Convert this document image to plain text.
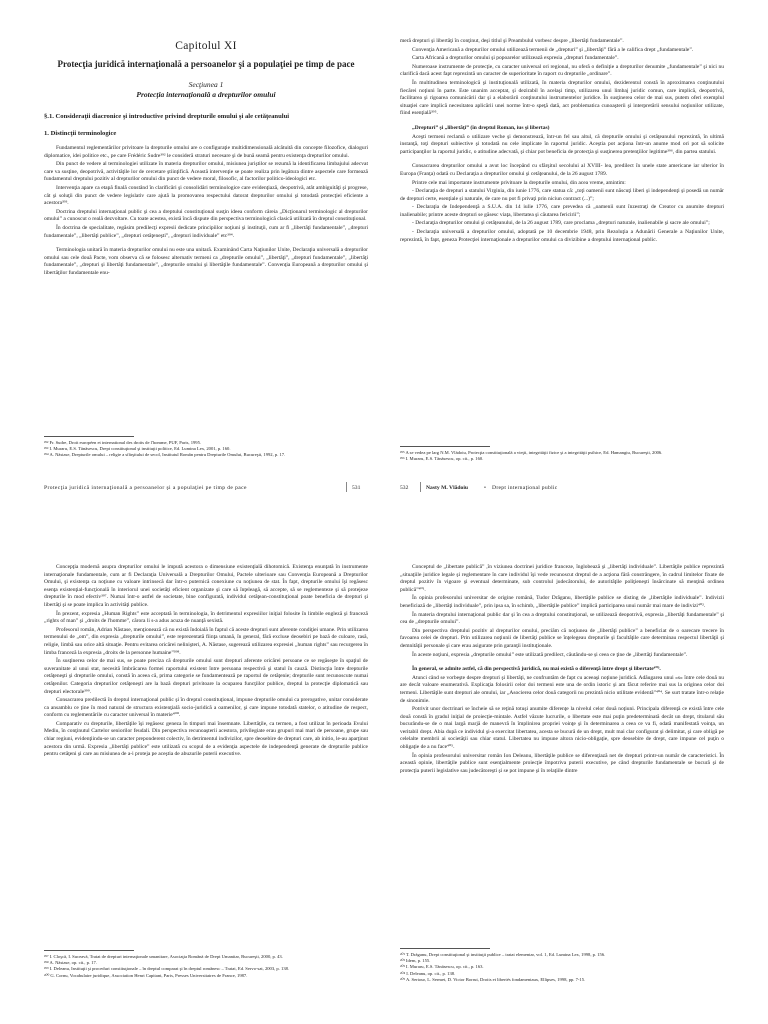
Capitolul XI
Protecţia juridică internaţională a persoanelor şi a populaţiei pe timp de pace
Secţiunea 1
Protecţia internaţională a drepturilor omului
§.1. Consideraţii diacronice şi introductive privind drepturile omului şi ale cetăţeanului
1. Distincţii terminologice

Fundamentul reglementărilor privitoare la drepturile omului are o configuraţie multidimensională alcătuită din concepte filozofice, dialoguri diplomatice, idei politice etc., pe care Frédéric Sudre³⁹² le consideră straturi necesare şi de bună seamă pentru existenţa drepturilor omului.

Din punct de vedere al terminologiei utilizate în materia drepturilor omului, misiunea juriştilor se rezumă la identificarea limbajului adecvat care va susţine, deopotrivă, activităţile lor de cercetare ştiinţifică. Această intervenţie se poate realiza prin legătura dintre aspectele care formează fundamentul dreptului pozitiv al drepturilor omului din punct de vedere moral, filosofic, al factorilor politico-ideologici etc.

Intervenţia apare ca etapă finală constând în clarificări şi consolidări terminologice care evidenţiază, deopotrivă, atât ambiguităţi şi progrese, cât şi soluţii din punct de vedere legislativ care ajută la promovarea respectului datorat drepturilor omului şi totodată protecţiei eficiente a acestora³⁹³.

Doctrina dreptului internaţional public şi cea a dreptului constituţional susţin ideea conform căreia „Dicţionarul terminologic al drepturilor omului” a cunoscut o reală dezvoltare. Cu toate acestea, există încă dispute din perspectiva terminologică clasică utilizată în dreptul constituţional.

În doctrina de specialitate, regăsim predilecţi expresii dedicate principiilor noţiuni şi instituţii, cum ar fi „libertăţi fundamentale”, „drepturi fundamentale”, „libertăţi publice”, „drepturi cetăţeneşti”, „drepturi individuale” etc³⁹⁴.

Terminologia unitară în materia drepturilor omului nu este una unitară. Examinând Carta Naţiunilor Unite, Declaraţia universală a drepturilor omului sau cele două Pacte, vom observa că se folosesc alternativ termeni ca „drepturile omului”, „libertăţi”, „drepturi fundamentale”, „libertăţi fundamentale”, „drepturi şi libertăţi fundamentale”, „drepturile omului şi libertăţile fundamentale”. Convenţia Europeană a drepturilor omului şi libertăţilor fundamentale enu-

³⁹² Fr. Sudre, Droit européen et international des droits de l'homme, PUF, Paris, 1995.

³⁹³ I. Muraru, E.S. Tănăsescu, Drept constituţional şi instituţii politice, Ed. Lumina Lex, 2001, p. 160.

³⁹⁴ A. Năstase, Drepturile omului – religie a sfârşitului de secol, Institutul Român pentru Drepturile Omului, Bucureşti, 1992, p. 17.

Protecţia juridică internaţională a persoanelor şi a populaţiei pe timp de pace	531

meră drepturi şi libertăţi în conţinut, deşi titlul şi Preambulul vorbesc despre „libertăţi fundamentale”.

Convenţia Americană a drepturilor omului utilizează termenii de „drepturi” şi „libertăţi” fără a le califica drept „fundamentale”.

Carta Africană a drepturilor omului şi popoarelor utilizează expresia „drepturi fundamentale”.

Numeroase instrumente de protecţie, cu caracter universal ori regional, nu oferă o definiţie a drepturilor denumite „fundamentale” şi nici nu clarifică dacă acest fapt reprezintă un caracter de superioritate în raport cu drepturile „ordinare”.

În multitudinea terminologică şi instituţională utilizată, în materia drepturilor omului, deziderentul constă în aproximarea conţinutului fiecărei noţiuni în parte. Este unanim acceptat, şi dezirabil în acelaşi timp, utilizarea unui limbaj juridic comun, care implică, deopotrivă, facilitarea şi rigoarea comunicării dar şi a elaborării conţinutului instrumentelor juridice. În susţinerea celor de mai sus, putem oferi exemplul situaţiei care implică necesitatea aplicării unei norme într-o speţă dată, act problematica cunoaşterii şi interpretării sensului noţiunilor utilizate, fiind esenţială³⁹⁵.

„Drepturi” şi „libertăţi” (în dreptul Roman, ius şi libertas)

Aceşti termeni reclamă o utilizare veche şi demonstrează, într-un fel sau altul, că drepturile omului şi cetăţeanului reprezintă, în ultimă instanţă, toţi drepturi subiective şi totodată nu cele implicate în raportul juridic. Aceştia pot acţiona într-un anume mod ori pot să solicite participanţilor la raportul juridic, o atitudine adecvată, şi chiar pot beneficia de protecţia şi susţinerea pretenţiilor legitime³⁹⁶, din partea statului.

Consacrarea drepturilor omului a avut loc începând cu sfârşitul secolului al XVIII- lea, predilect în unele state americane iar ulterior în Europa (Franţa) odată cu Declaraţia a drepturilor omului şi cetăţeanului, de la 26 august 1789.

Printre cele mai importante instrumente privitoare la drepturile omului, din acea vreme, amintim:

- Declaraţia de drepturi a statului Virginia, din iunie 1776, care statua că: „toţi oamenii sunt născuţi liberi şi independenţi şi posedă un număr de drepturi certe, esenţiale şi naturale, de care nu pot fi privaţi prin niciun contract (...)”;

- Declaraţia de Independenţă a S.U.A. din 14 iulie 1776, care prevedea că „oamenii sunt înzestraţi de Creator cu anumite drepturi inalienabile; printre aceste drepturi se găsesc viaţa, libertatea şi căutarea fericirii”;

- Declaraţia drepturilor omului şi cetăţeanului, de la 26 august 1789, care proclama „drepturi naturale, inalienabile şi sacre ale omului”;

- Declaraţia universală a drepturilor omului, adoptată pe 10 decembrie 1948, prin Rezoluţia a Adunării Generale a Naţiunilor Unite, reprezintă, în fapt, geneza Protecţiei internaţionale a drepturilor omului ca divizibine a dreptului internaţional public.

³⁹⁵ A se vedea pe larg N.M. Vlădoiu, Protecţia constituţională a vieţii, integrităţii fizice şi a integrităţii psihice, Ed. Hamangiu, Bucureşti, 2006.

³⁹⁶ I. Muraru, E.S. Tănăsescu, op. cit., p. 160.

532	Nasty M. Vlădoiu	• Drept internaţional public

Concepţia modernă asupra drepturilor omului le impută acestora o dimensiune existenţială dihotomică. Existenţa enunţată în instrumente internaţionale fundamentale, cum ar fi Declaraţia Universală a Drepturilor Omului, Pactele ulterioare sau Convenţia Europeană a Drepturilor Omului, şi existenţa ca noţiune cu valoare intrinsecă dar într-o puternică conexiune cu noţiunea de stat. În fapt, drepturile omului îşi regăsesc esenţa existenţial-funcţională în interiorul unei societăţi eficient organizate şi care să înţeleagă, să accepte, să se reglementeze şi să protejeze drepturile în mod efectiv³⁹⁷. Numai într-o astfel de societate, bine configurată, individul cetăţean-constituţional poate beneficia de drepturi şi libertăţi şi se poate implica în activităţi publice.

În prezent, expresia „Human Rights” este acceptată în terminologia, în detrimentul expresiilor iniţial folosite în limbile engleză şi franceză „rights of man” şi „droits de l'homme”, cărora li s-a adus acuza de nuanţă sexistă.

Profesorul român, Adrian Năstase, menţionează că nu există îndoială în faptul că aceste drepturi sunt aferente condiţiei umane. Prin utilizarea termenului de „om”, din expresia „drepturile omului”, este reprezentată fiinţa umană, în general, fără excluse deosebiri pe bază de culoare, rasă, religie, limbă sau orice altă situaţie. Pentru evitarea oricărei nelinişteri, A. Năstase, sugerează utilizarea expresiei „human rights” sau recurgerea în limba franceză la expresia „droits de la personne humaine”³⁹⁸.

În susţinerea celor de mai sus, se poate preciza că drepturile omului sunt drepturi aferente oricărei persoane ce se regăseşte în spaţiul de suveranitate al unui stat, necesită îmbrăcarea formei raportului existent între persoana respectivă şi statul în cauză. Distincţia între drepturile cetăţeneşti şi drepturile omului, constă în aceea că, prima categorie se fundamentează pe raportul de cetăţenie; drepturile sunt recunoscute numai cetăţenilor. Categoria drepturilor cetăţeneşti are la bază drepturi privitoare la ocuparea funcţiilor publice, dreptul la protecţie diplomatică sau drepturi electorale³⁹⁹.

Consacrarea predilectă în dreptul internaţional public şi în dreptul constituţional, impune drepturile omului ca prerogative, unitar considerate ca ansamblu ce ţine în mod natural de structura existenţială socio-juridică a oamenilor, şi care impune totodată statelor, o atitudine de respect, conform cu reglementările cu caracter universal în materie⁴⁰⁰.

Comparativ cu drepturile, libertăţile îşi regăsesc geneza în timpuri mai însemnate. Libertăţile, ca termen, a fost utilizat în perioada Evului Mediu, în conţinutul Cartelor seniorilor feudali. Din perspectiva recunoaşterii acestora, privilegiate erau grupuri mai mari de persoane, grupe sau chiar regiuni, evidenţiindu-se un caracter preponderent colectiv, în detrimentul indivizilor, spre deosebire de drepturi care, ab initio, le-au aparţinut acestora din urmă. Expresia „libertăţi publice” este utilizată cu scopul de a evidenţia aspectele de independenţă generate de drepturile publice pentru cetăţeni şi care au misiunea de a-i proteja pe aceştia de abuzurile puterii executive.

³⁹⁷ I. Cloşcă, I. Suceavă, Tratat de drepturi internaţionale umanitare, Asociaţia Română de Drept Umanitar, Bucureşti, 2000, p. 43.

³⁹⁸ A. Năstase, op. cit., p. 17.

³⁹⁹ I. Deleanu, Instituţii şi proceduri constituţionale – în dreptul comparat şi în dreptul românesc – Tratat, Ed. Servo-sat, 2003, p. 138.

⁴⁰⁰ G. Cornu, Vocabulaire juridique, Association Henri Capitant, Paris, Presses Universitaires de France, 1987.

Conceptul de „libertate publică” ,în viziunea doctrinei juridice franceze, înglobează şi „libertăţi individuale”. Libertăţile publice reprezintă „situaţiile juridice legale şi reglementare în care individul îşi vede recunoscut dreptul de a acţiona fără constrângere, în cadrul limitelor fixate de dreptul pozitiv în vigoare şi eventual determinate, sub controlul judecătorului, de autorităţile poliţieneşti însărcinate să menţină ordinea publică”⁴⁰¹.

În opinia profesorului universitar de origine română, Tudor Drăganu, libertăţile publice se disting de „libertăţile individuale”. Indivizii beneficiază de „libertăţi individuale”, prin ipsa sa, în schimb, „libertăţile publice” implică participarea unui număr mai mare de indivizi⁴⁰².

În materia dreptului internaţional public dar şi în cea a dreptului constituţional, se utilizează deopotrivă, expresia „libertăţi fundamentale” şi cea de „drepturile omului”.

Din perspectiva dreptului pozitiv al drepturilor omului, preciăm că noţiunea de „libertăţi publice” a beneficiat de o oarecare trecere în favoarea celei de drepturi. Prin utilizarea noţiunii de libertăţi publice se înţelegeau drepturile şi facultăţile care determinau respectul libertăţii şi demnităţii personale şi care erau asigurate prin garanţii instituţionale.

În aceste noţiuni, expresia „drepturile omului” este utilizată predilect, căutându-se și ceea ce ţine de „libertăţi fundamentale”.

În general, se admite astfel, că din perspectivă juridică, nu mai există o diferenţă între drept şi libertate⁴⁰³.

Atunci când se vorbeşte despre drepturi şi libertăţi, ne confruntăm de fapt cu aceeaşi noţiune juridică. Adăugarea unui «s» între cele două nu are decât valoare enumerativă. Explicaţia folosirii celor doi termeni este una de ordin istoric şi am făcut referire mai sus la originea celor doi termeni. Libertăţile sunt drepturi ale omului, iar „Asocierea celor două categorii nu prezintă nicio utilitate evidentă”⁴⁰⁴. Se surt tratate într-o relaţie de sinonimie.

Potrivit unor doctrinari se încheie să se reţină totuşi anumite diferenţe la nivelul celor două noţiuni. Principala diferenţă ce există între cele două constă în gradul iniţial de proiecţie-mintale. Astfel văzute lucrurile, o libertate este mai puţin predeterminată decât un drept, titularul său bucurându-se de o mai largă marjă de manevră în împlinirea propriei voinţe şi în determinarea a ceea ce va fi, odată manifestată voinţa, un veritabil drept. Abia după ce individul şi-a exercitat libertatea, acesta se bucură de un drept, mult mai clar configurat şi delimitat, şi care obligă pe celelalte membrii ai societăţii sau chiar statul. Libertatea nu impune altora nicio-obligaţie, spre deosebire de drept, care impune cel puţin o obligaţie de a nu face⁴⁰⁵.

În opinia profesorului universitar român Ion Deleanu, libertăţile publice se diferenţiază net de drepturi printr-un număr de caracteristici. În această opinie, libertăţile publice sunt esenţialmente proiecţie împotriva puterii executive, pe când drepturile fundamentale se bucură şi de protecţia puterii legislative sau judecătoreşti şi se pot impune şi în relaţiile dintre

⁴⁰¹ T. Drăganu, Drept constituţional şi instituţii publice – tratat elementar, vol. 1, Ed. Lumina Lex, 1998, p. 156.

⁴⁰² Idem, p. 155.

⁴⁰³ I. Muraru, E.S. Tănăsescu, op. cit., p. 163.

⁴⁰⁴ I. Deleanu, op. cit., p. 138.

⁴⁰⁵ A. Sertour, L. Sermet, D. Victor Borrut, Droits et libertés fondamentaux, Ellipses, 1998, pp. 7-15.
